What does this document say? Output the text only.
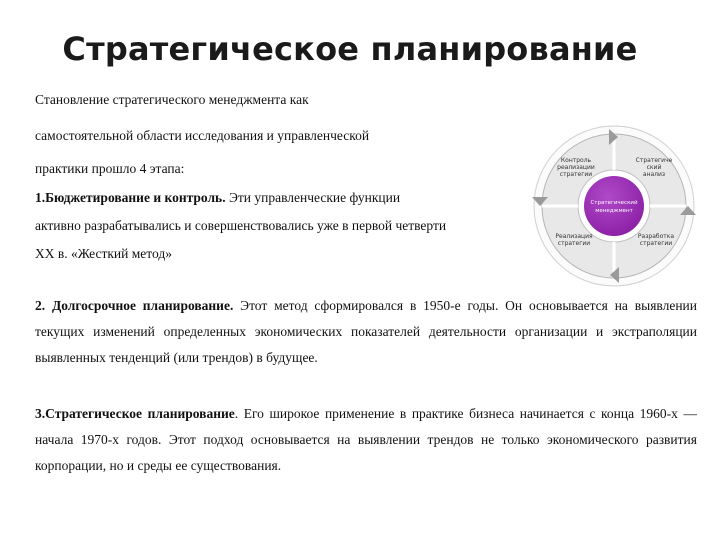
Стратегическое планирование
Становление стратегического менеджмента как
самостоятельной области исследования и управленческой
практики прошло 4 этапа:
1.Бюджетирование и контроль. Эти управленческие функции
активно разрабатывались и совершенствовались уже в первой четверти
XX в. «Жесткий метод»
2. Долгосрочное планирование. Этот метод сформировался в 1950-е годы. Он основывается на выявлении текущих изменений определенных экономических показателей деятельности организации и экстраполяции выявленных тенденций (или трендов) в будущее.
3.Стратегическое планирование. Его широкое применение в практике бизнеса начинается с конца 1960-х — начала 1970-х годов. Этот подход основывается на выявлении трендов не только экономического развития корпорации, но и среды ее существования.
Стратегический
менеджмент
Контроль
реализации
стратегии
Стратегиче
ский
анализ
Реализация
стратегии
Разработка
стратегии
